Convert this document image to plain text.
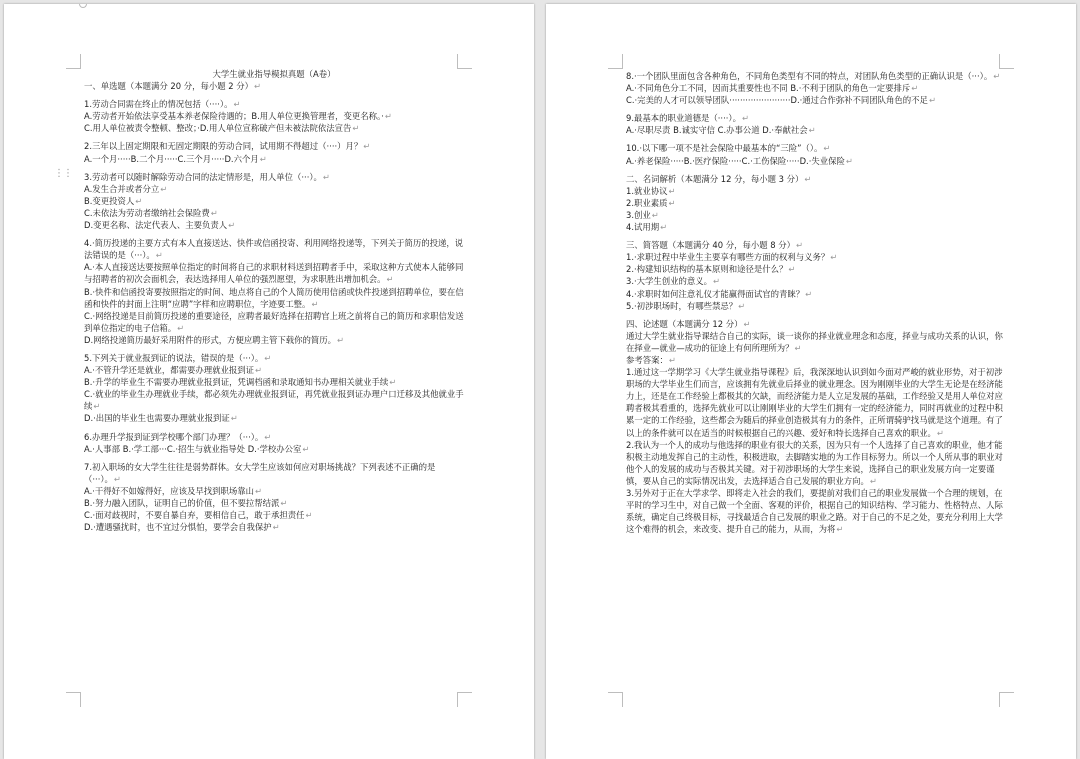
⋮⋮

大学生就业指导模拟真题（A卷）

一、单选题（本题满分 20 分，每小题 2 分）↵

1.劳动合同需在终止的情况包括（····）。↵

A.劳动者开始依法享受基本养老保险待遇的；B.用人单位更换管理者，变更名称。·↵

C.用人单位被责令整顿、整改；·D.用人单位宣称破产但未被法院依法宣告↵

2.三年以上固定期限和无固定期限的劳动合同，试用期不得超过（····）月？↵

A.一个月·····B.二个月·····C.三个月·····D.六个月↵

3.劳动者可以随时解除劳动合同的法定情形是，用人单位（···）。↵

A.发生合并或者分立↵

B.变更投资人↵

C.未依法为劳动者缴纳社会保险费↵

D.变更名称、法定代表人、主要负责人↵

4.·简历投递的主要方式有本人直接送达、快件或信函投寄、利用网络投递等，下列关于简历的投递，说法错误的是（···）。↵

A.·本人直接送达要按照单位指定的时间将自己的求职材料送到招聘者手中，采取这种方式使本人能够同与招聘者的初次会面机会，表达选择用人单位的强烈愿望，为求职胜出增加机会。↵

B.·快件和信函投寄要按照指定的时间、地点将自己的个人简历使用信函或快件投递到招聘单位，要在信函和快件的封面上注明“应聘”字样和应聘职位，字迹要工整。↵

C.·网络投递是目前简历投递的重要途径，应聘者最好选择在招聘官上班之前将自己的简历和求职信发送到单位指定的电子信箱。↵

D.网络投递简历最好采用附件的形式，方便应聘主管下载你的简历。↵

5.下列关于就业报到证的说法，错误的是（···）。↵

A.·不管升学还是就业，都需要办理就业报到证↵

B.·升学的毕业生不需要办理就业报到证，凭调档函和录取通知书办理相关就业手续↵

C.·就业的毕业生办理就业手续，都必须先办理就业报到证，再凭就业报到证办理户口迁移及其他就业手续↵

D.·出国的毕业生也需要办理就业报到证↵

6.办理升学报到证到学校哪个部门办理？（···）。↵

A.·人事部 B.·学工部···C.·招生与就业指导处 D.·学校办公室↵

7.初入职场的女大学生往往是弱势群体。女大学生应该如何应对职场挑战？下列表述不正确的是（···）。↵

A.·干得好不如嫁得好，应该及早找到职场靠山↵

B.·努力融入团队，证明自己的价值，但不要拉帮结派↵

C.·面对歧视时，不要自暴自弃，要相信自己，敢于承担责任↵

D.·遭遇骚扰时，也不宜过分惧怕，要学会自我保护↵

8.·一个团队里面包含各种角色，不同角色类型有不同的特点，对团队角色类型的正确认识是（···）。↵

A.·不同角色分工不同，因而其重要性也不同 B.·不利于团队的角色一定要排斥↵

C.·完美的人才可以领导团队·······················D.·通过合作弥补不同团队角色的不足↵

9.最基本的职业道德是（····）。↵

A.·尽职尽责 B.诚实守信 C.办事公道 D.·奉献社会↵

10.·以下哪一项不是社会保险中最基本的“三险”（）。↵

A.·养老保险·····B.·医疗保险·····C.·工伤保险·····D.·失业保险↵

二、名词解析（本题满分 12 分，每小题 3 分）↵

1.就业协议↵

2.职业素质↵

3.创业↵

4.试用期↵

三、简答题（本题满分 40 分，每小题 8 分）↵

1.·求职过程中毕业生主要享有哪些方面的权利与义务？↵

2.·构建知识结构的基本原则和途径是什么？↵

3.·大学生创业的意义。↵

4.·求职时如何注意礼仪才能赢得面试官的青睐？↵

5.·初涉职场时，有哪些禁忌？↵

四、论述题（本题满分 12 分）↵

通过大学生就业指导课结合自己的实际，谈一谈你的择业就业理念和态度，择业与成功关系的认识，你在择业—就业—成功的征途上有何所理所为？↵

参考答案：↵

1.通过这一学期学习《大学生就业指导课程》后，我深深地认识到如今面对严峻的就业形势，对于初涉职场的大学毕业生们而言，应该拥有先就业后择业的就业理念。因为刚刚毕业的大学生无论是在经济能力上，还是在工作经验上都极其的欠缺，而经济能力是人立足发展的基础，工作经验又是用人单位对应聘者极其看重的，选择先就业可以让刚刚毕业的大学生们拥有一定的经济能力，同时再就业的过程中积累一定的工作经验，这些都会为随后的择业创造极其有力的条件，正所谓骑驴找马就是这个道理。有了以上的条件就可以在适当的时候根据自己的兴趣、爱好和特长选择自己喜欢的职业。↵

2.我认为一个人的成功与他选择的职业有很大的关系，因为只有一个人选择了自己喜欢的职业，他才能积极主动地发挥自己的主动性，积极进取，去脚踏实地的为工作目标努力。所以一个人所从事的职业对他个人的发展的成功与否极其关键。对于初涉职场的大学生来说，选择自己的职业发展方向一定要谨慎，要从自己的实际情况出发，去选择适合自己发展的职业方向。↵

3.另外对于正在大学求学、即将走入社会的我们，要提前对我们自己的职业发展做一个合理的规划，在平时的学习生中，对自己做一个全面、客观的评价，根据自己的知识结构、学习能力、性格特点、人际系统，确定自己终极目标，寻找最适合自己发展的职业之路。对于自己的不足之处，要充分利用上大学这个难得的机会，来改变、提升自己的能力，从而，为将↵
